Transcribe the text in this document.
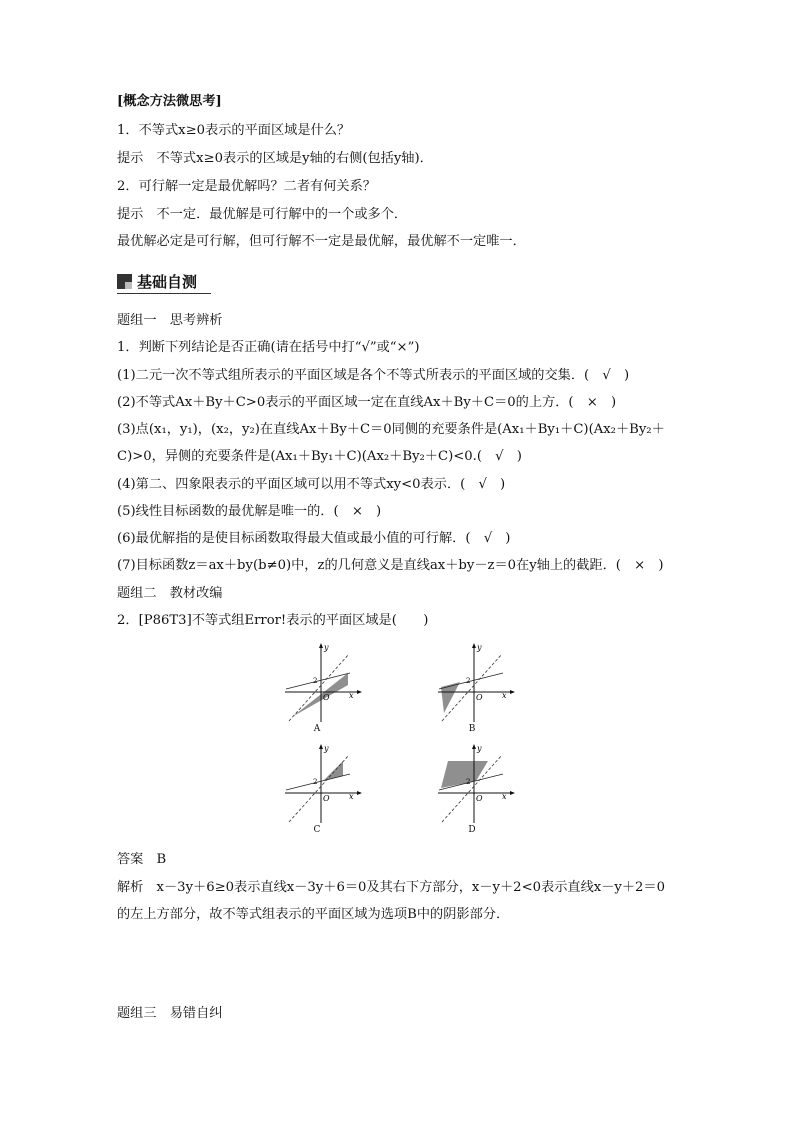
[概念方法微思考]
1．不等式x≥0表示的平面区域是什么？
提示　不等式x≥0表示的区域是y轴的右侧(包括y轴)．
2．可行解一定是最优解吗？二者有何关系？
提示　不一定．最优解是可行解中的一个或多个．
最优解必定是可行解，但可行解不一定是最优解，最优解不一定唯一．
基础自测
题组一　思考辨析
1．判断下列结论是否正确(请在括号中打“√”或“×”)
(1)二元一次不等式组所表示的平面区域是各个不等式所表示的平面区域的交集．(　√　)
(2)不等式Ax＋By＋C>0表示的平面区域一定在直线Ax＋By＋C＝0的上方．(　×　)
(3)点(x₁，y₁)，(x₂，y₂)在直线Ax＋By＋C＝0同侧的充要条件是(Ax₁＋By₁＋C)(Ax₂＋By₂＋
C)>0，异侧的充要条件是(Ax₁＋By₁＋C)(Ax₂＋By₂＋C)<0.(　√　)
(4)第二、四象限表示的平面区域可以用不等式xy<0表示．(　√　)
(5)线性目标函数的最优解是唯一的．(　×　)
(6)最优解指的是使目标函数取得最大值或最小值的可行解．(　√　)
(7)目标函数z＝ax＋by(b≠0)中，z的几何意义是直线ax＋by－z＝0在y轴上的截距．(　×　)
题组二　教材改编
2．[P86T3]不等式组Error!表示的平面区域是(　　)
y
x
2
O
A
y
x
2
O
B
y
x
2
O
C
y
x
2
O
D
答案　B
解析　x－3y＋6≥0表示直线x－3y＋6＝0及其右下方部分，x－y＋2<0表示直线x－y＋2＝0
的左上方部分，故不等式组表示的平面区域为选项B中的阴影部分．
题组三　易错自纠
